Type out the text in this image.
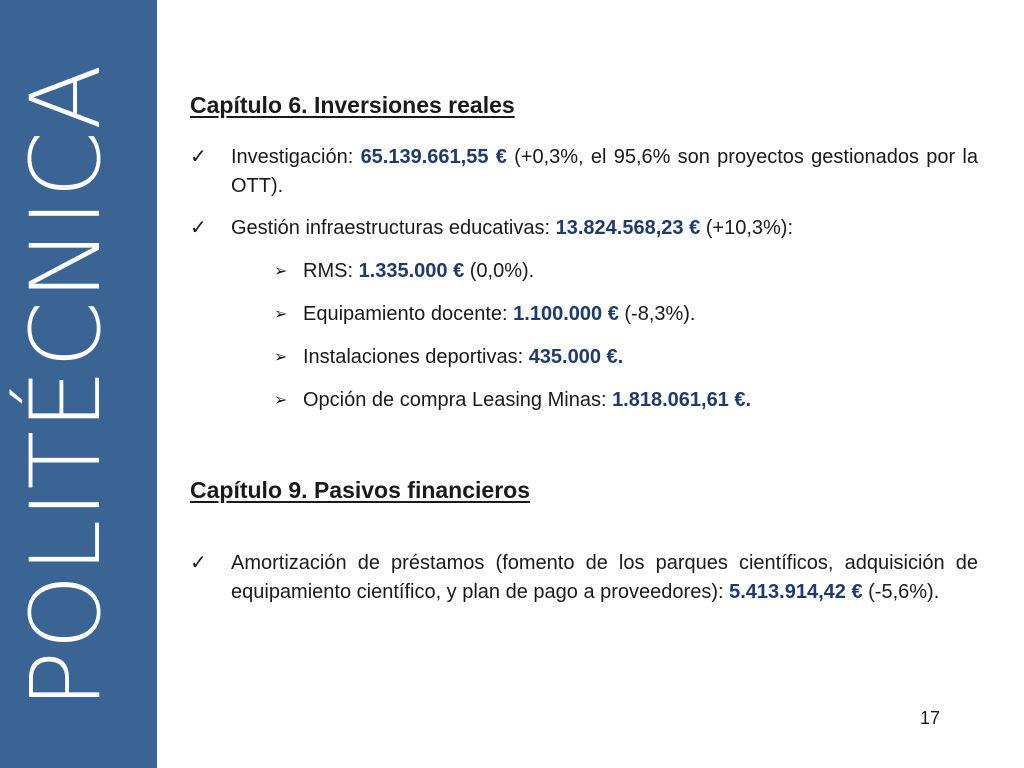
POLITÉCNICA	Capítulo 6. Inversiones reales
✓	Investigación: 65.139.661,55 € (+0,3%, el 95,6% son proyectos gestionados por la OTT).
✓	Gestión infraestructuras educativas: 13.824.568,23 € (+10,3%):
➢ RMS: 1.335.000 € (0,0%).
➢ Equipamiento docente: 1.100.000 € (-8,3%).
➢ Instalaciones deportivas: 435.000 €.
➢ Opción de compra Leasing Minas: 1.818.061,61 €.
Capítulo 9. Pasivos financieros
✓	Amortización de préstamos (fomento de los parques científicos, adquisición de equipamiento científico, y plan de pago a proveedores): 5.413.914,42 € (-5,6%).
17
